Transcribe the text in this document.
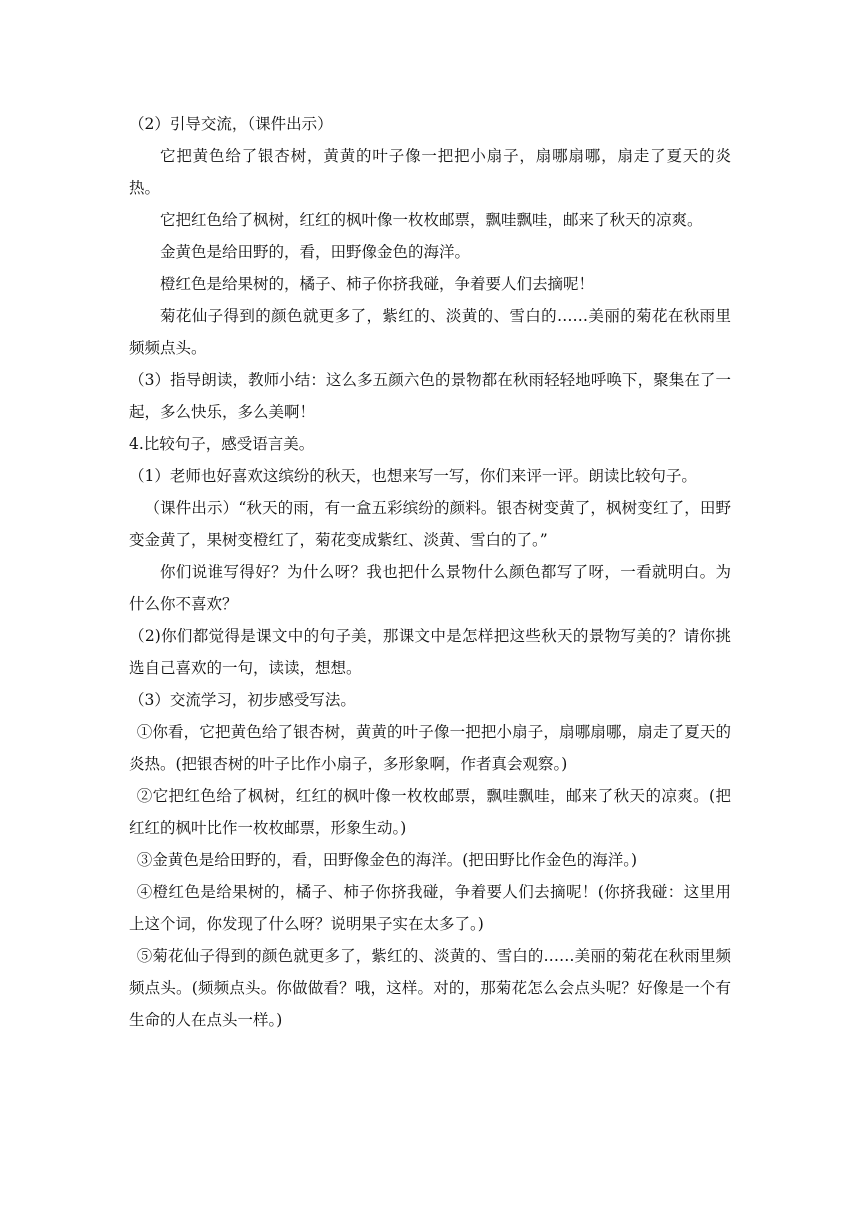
（2）引导交流，（课件出示）

它把黄色给了银杏树，黄黄的叶子像一把把小扇子，扇哪扇哪，扇走了夏天的炎热。

它把红色给了枫树，红红的枫叶像一枚枚邮票，飘哇飘哇，邮来了秋天的凉爽。

金黄色是给田野的，看，田野像金色的海洋。

橙红色是给果树的，橘子、柿子你挤我碰，争着要人们去摘呢！

菊花仙子得到的颜色就更多了，紫红的、淡黄的、雪白的……美丽的菊花在秋雨里频频点头。

（3）指导朗读，教师小结：这么多五颜六色的景物都在秋雨轻轻地呼唤下，聚集在了一起，多么快乐，多么美啊！

4.比较句子，感受语言美。

（1）老师也好喜欢这缤纷的秋天，也想来写一写，你们来评一评。朗读比较句子。

（课件出示）“秋天的雨，有一盒五彩缤纷的颜料。银杏树变黄了，枫树变红了，田野变金黄了，果树变橙红了，菊花变成紫红、淡黄、雪白的了。”

你们说谁写得好？为什么呀？我也把什么景物什么颜色都写了呀，一看就明白。为什么你不喜欢？

（2)你们都觉得是课文中的句子美，那课文中是怎样把这些秋天的景物写美的？请你挑选自己喜欢的一句，读读，想想。

（3）交流学习，初步感受写法。

①你看，它把黄色给了银杏树，黄黄的叶子像一把把小扇子，扇哪扇哪，扇走了夏天的炎热。(把银杏树的叶子比作小扇子，多形象啊，作者真会观察。)

②它把红色给了枫树，红红的枫叶像一枚枚邮票，飘哇飘哇，邮来了秋天的凉爽。(把红红的枫叶比作一枚枚邮票，形象生动。)

③金黄色是给田野的，看，田野像金色的海洋。(把田野比作金色的海洋。)

④橙红色是给果树的，橘子、柿子你挤我碰，争着要人们去摘呢！(你挤我碰：这里用上这个词，你发现了什么呀？说明果子实在太多了。)

⑤菊花仙子得到的颜色就更多了，紫红的、淡黄的、雪白的……美丽的菊花在秋雨里频频点头。(频频点头。你做做看？哦，这样。对的，那菊花怎么会点头呢？好像是一个有生命的人在点头一样。)
